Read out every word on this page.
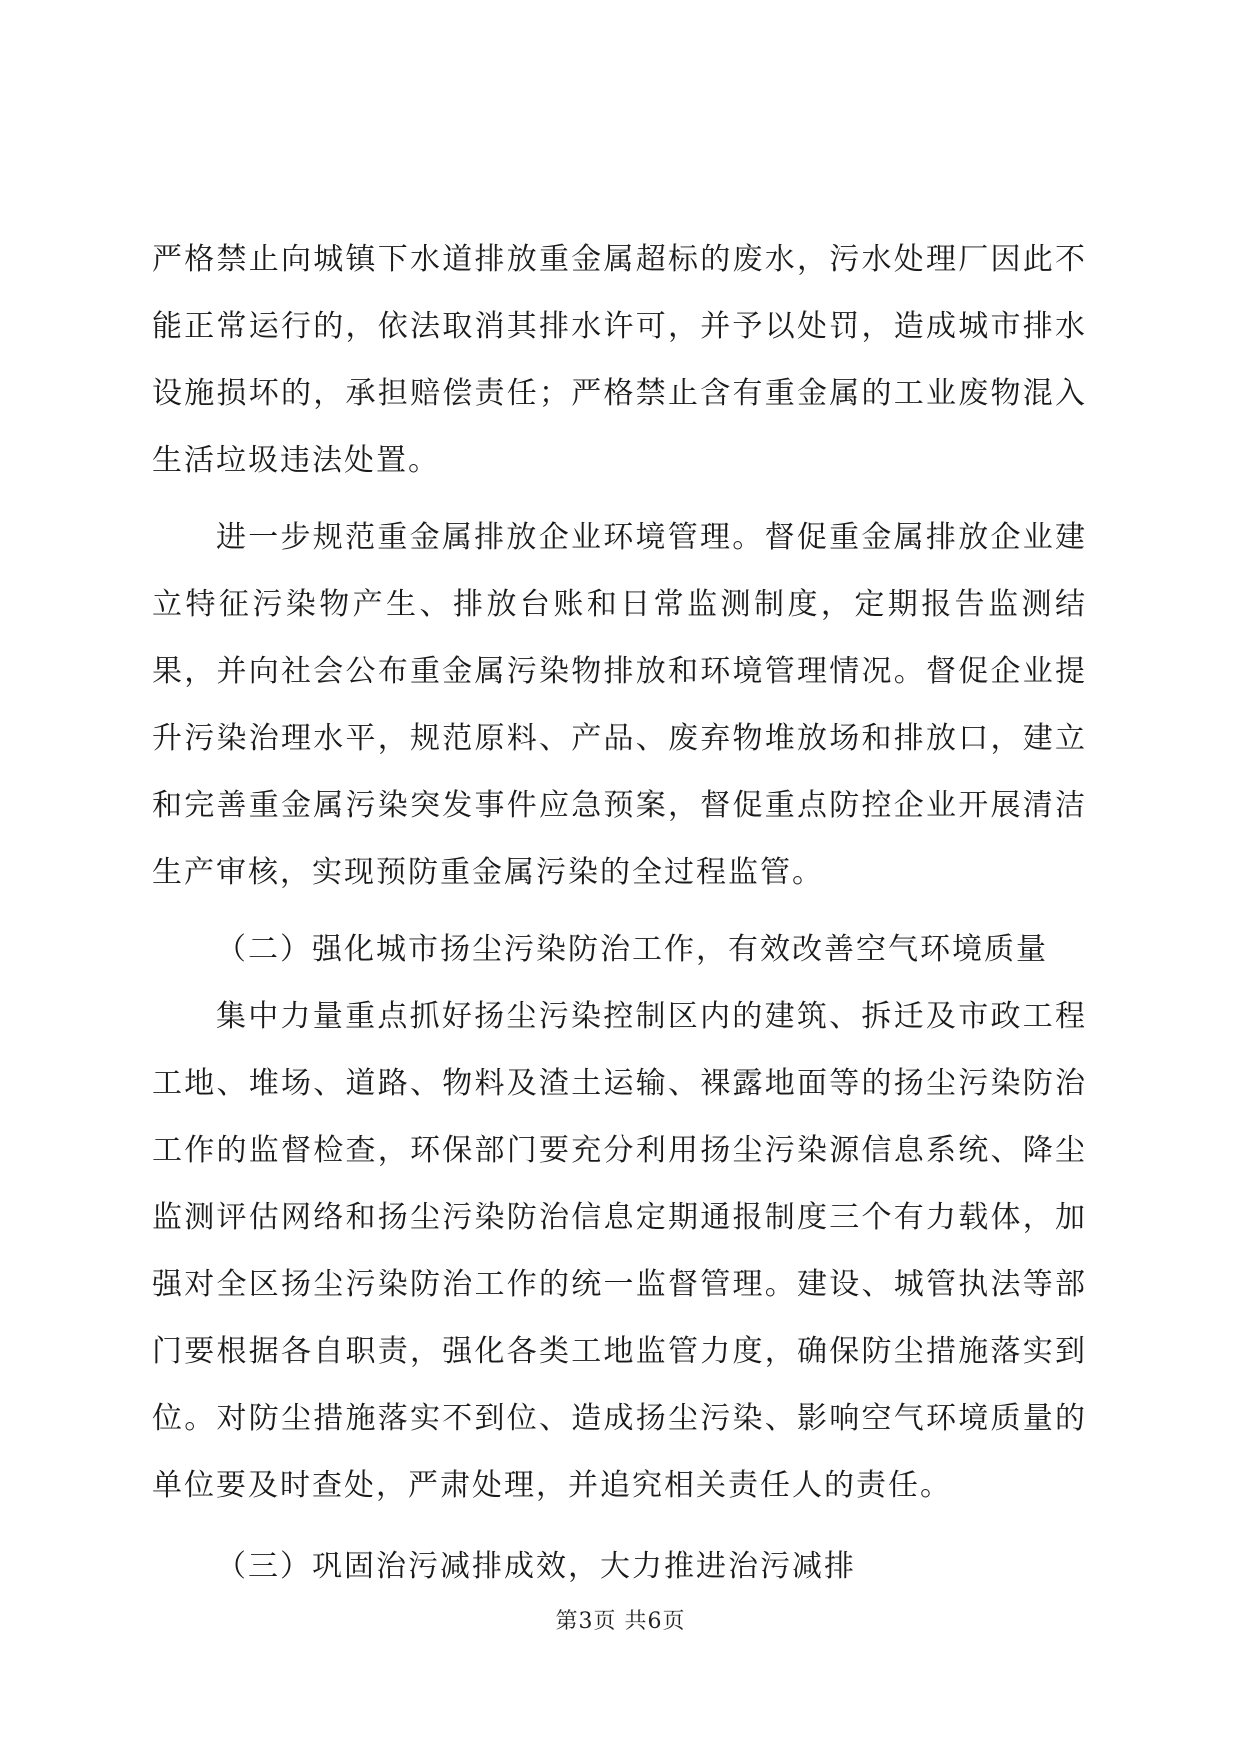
严格禁止向城镇下水道排放重金属超标的废水，污水处理厂因此不能正常运行的，依法取消其排水许可，并予以处罚，造成城市排水设施损坏的，承担赔偿责任；严格禁止含有重金属的工业废物混入生活垃圾违法处置。

进一步规范重金属排放企业环境管理。督促重金属排放企业建立特征污染物产生、排放台账和日常监测制度，定期报告监测结果，并向社会公布重金属污染物排放和环境管理情况。督促企业提升污染治理水平，规范原料、产品、废弃物堆放场和排放口，建立和完善重金属污染突发事件应急预案，督促重点防控企业开展清洁生产审核，实现预防重金属污染的全过程监管。

（二）强化城市扬尘污染防治工作，有效改善空气环境质量

集中力量重点抓好扬尘污染控制区内的建筑、拆迁及市政工程工地、堆场、道路、物料及渣土运输、裸露地面等的扬尘污染防治工作的监督检查，环保部门要充分利用扬尘污染源信息系统、降尘监测评估网络和扬尘污染防治信息定期通报制度三个有力载体，加强对全区扬尘污染防治工作的统一监督管理。建设、城管执法等部门要根据各自职责，强化各类工地监管力度，确保防尘措施落实到位。对防尘措施落实不到位、造成扬尘污染、影响空气环境质量的单位要及时查处，严肃处理，并追究相关责任人的责任。

（三）巩固治污减排成效，大力推进治污减排

第3页 共6页
